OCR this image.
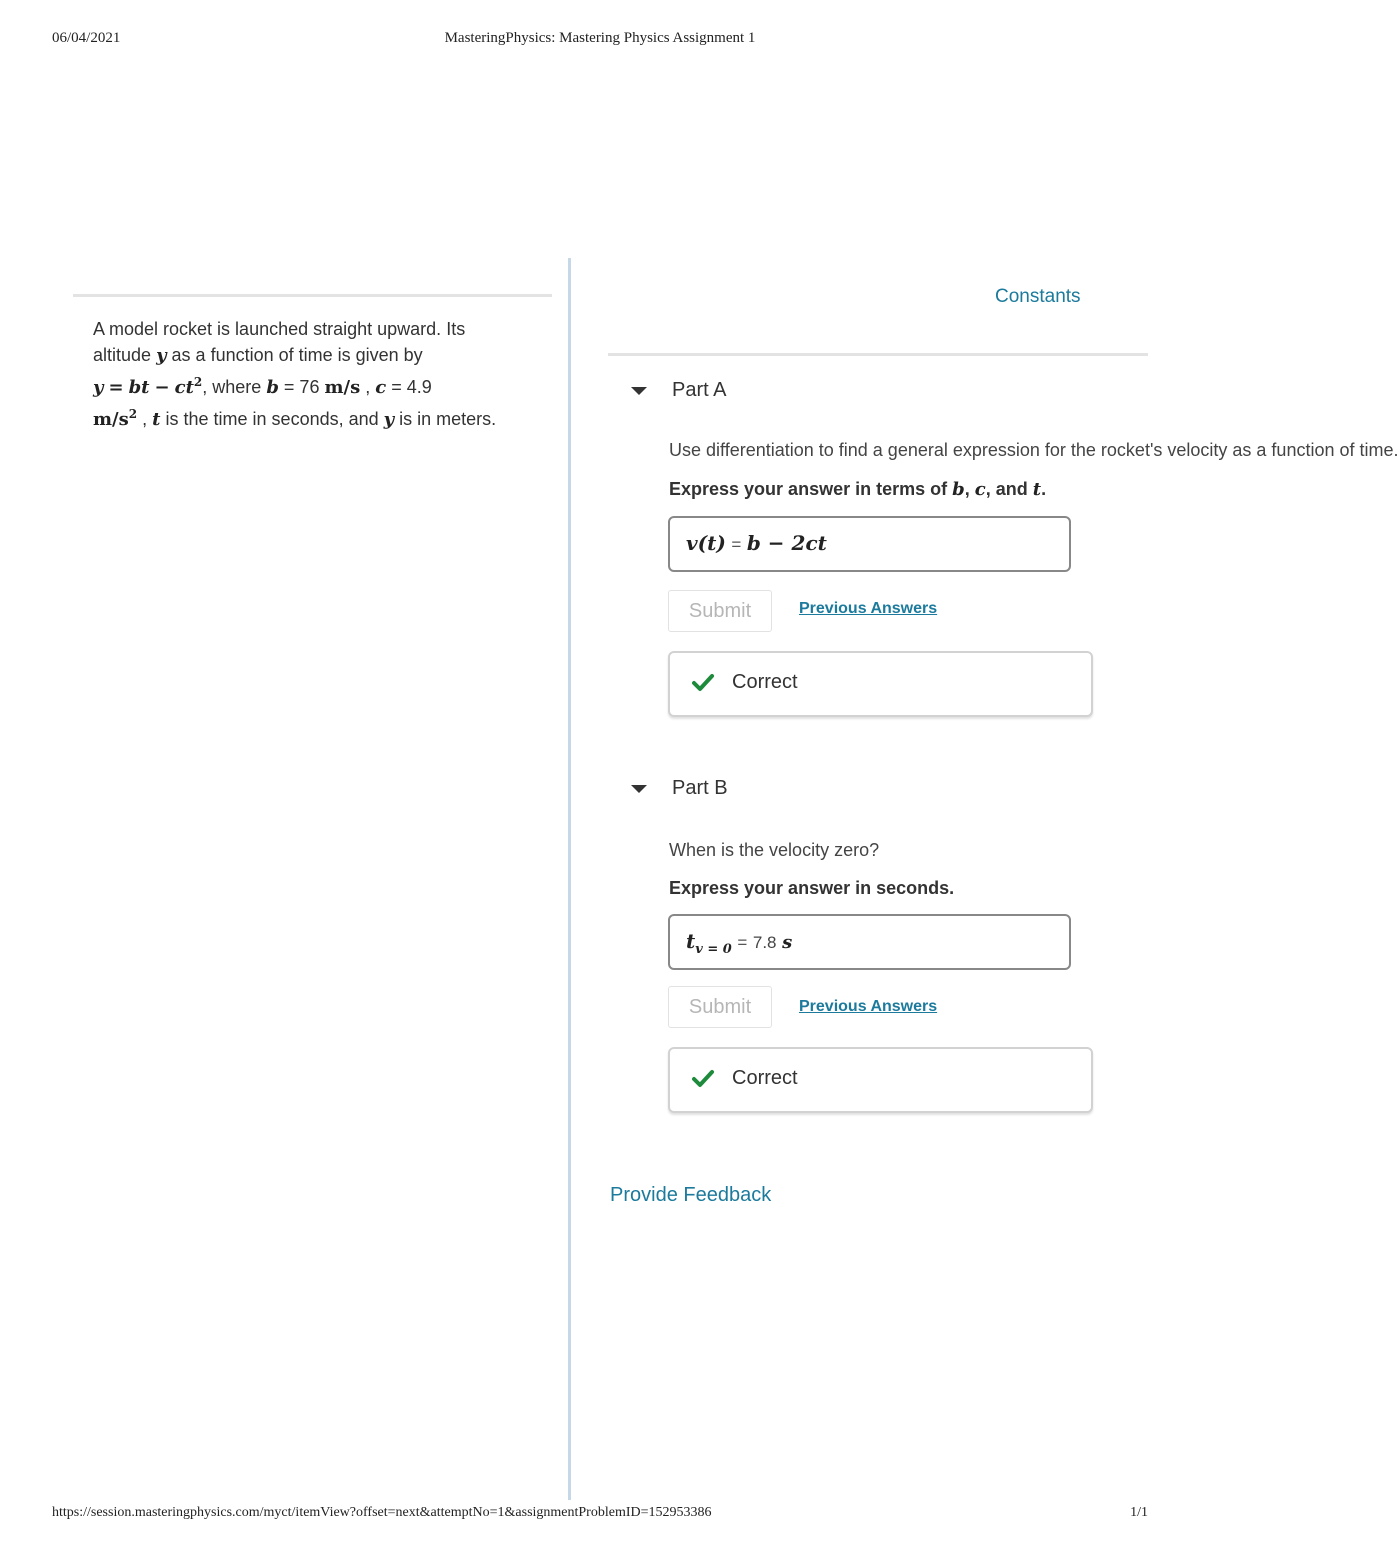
06/04/2021	MasteringPhysics: Mastering Physics Assignment 1
A model rocket is launched straight upward. Its
altitude y as a function of time is given by
y = bt − $ct^2$, where b = 76 m/s , c = 4.9
$m/s^2$ , t is the time in seconds, and y is in meters.
Constants
Part A
Use differentiation to find a general expression for the rocket's velocity as a function of time.
Express your answer in terms of b, c, and t.
v(t) = b − 2ct
Submit	Previous Answers
Correct
Part B
When is the velocity zero?
Express your answer in seconds.
$t_{v = 0} = 7.8$ s
Submit	Previous Answers
Correct
Provide Feedback
https://session.masteringphysics.com/myct/itemView?offset=next&attemptNo=1&assignmentProblemID=152953386	1/1
